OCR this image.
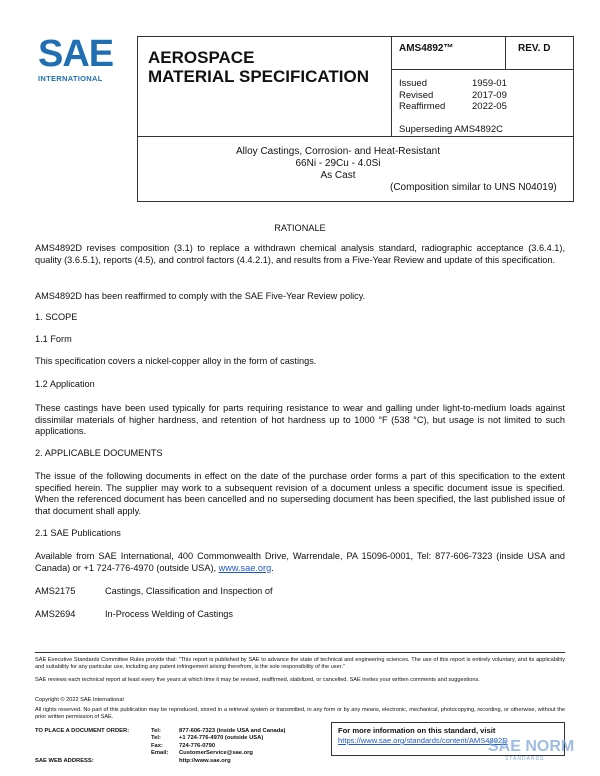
SAE
INTERNATIONAL
AEROSPACE
MATERIAL SPECIFICATION
AMS4892™	REV. D
Issued	1959-01
Revised	2017-09
Reaffirmed	2022-05
Superseding AMS4892C
Alloy Castings, Corrosion- and Heat-Resistant
66Ni - 29Cu - 4.0Si
As Cast
(Composition similar to UNS N04019)
RATIONALE
AMS4892D revises composition (3.1) to replace a withdrawn chemical analysis standard, radiographic acceptance (3.6.4.1), quality (3.6.5.1), reports (4.5), and control factors (4.4.2.1), and results from a Five-Year Review and update of this specification.
AMS4892D has been reaffirmed to comply with the SAE Five-Year Review policy.
1. SCOPE
1.1 Form
This specification covers a nickel-copper alloy in the form of castings.
1.2 Application
These castings have been used typically for parts requiring resistance to wear and galling under light-to-medium loads against dissimilar materials of higher hardness, and retention of hot hardness up to 1000 °F (538 °C), but usage is not limited to such applications.
2. APPLICABLE DOCUMENTS
The issue of the following documents in effect on the date of the purchase order forms a part of this specification to the extent specified herein. The supplier may work to a subsequent revision of a document unless a specific document issue is specified. When the referenced document has been cancelled and no superseding document has been specified, the last published issue of that document shall apply.
2.1 SAE Publications
Available from SAE International, 400 Commonwealth Drive, Warrendale, PA 15096-0001, Tel: 877-606-7323 (inside USA and Canada) or +1 724-776-4970 (outside USA), www.sae.org.
AMS2175	Castings, Classification and Inspection of
AMS2694	In-Process Welding of Castings
SAE Executive Standards Committee Rules provide that: “This report is published by SAE to advance the state of technical and engineering sciences. The use of this report is entirely voluntary, and its applicability and suitability for any particular use, including any patent infringement arising therefrom, is the sole responsibility of the user.”
SAE reviews each technical report at least every five years at which time it may be revised, reaffirmed, stabilized, or cancelled. SAE invites your written comments and suggestions.
Copyright © 2022 SAE International
All rights reserved. No part of this publication may be reproduced, stored in a retrieval system or transmitted, in any form or by any means, electronic, mechanical, photocopying, recording, or otherwise, without the prior written permission of SAE.
TO PLACE A DOCUMENT ORDER:	Tel:	877-606-7323 (inside USA and Canada)
Tel:	+1 724-776-4970 (outside USA)
Fax:	724-776-0790
Email: CustomerService@sae.org
SAE WEB ADDRESS:	http://www.sae.org
For more information on this standard, visit
https://www.sae.org/standards/content/AMS4892D
SAE NORM
STANDARDS
